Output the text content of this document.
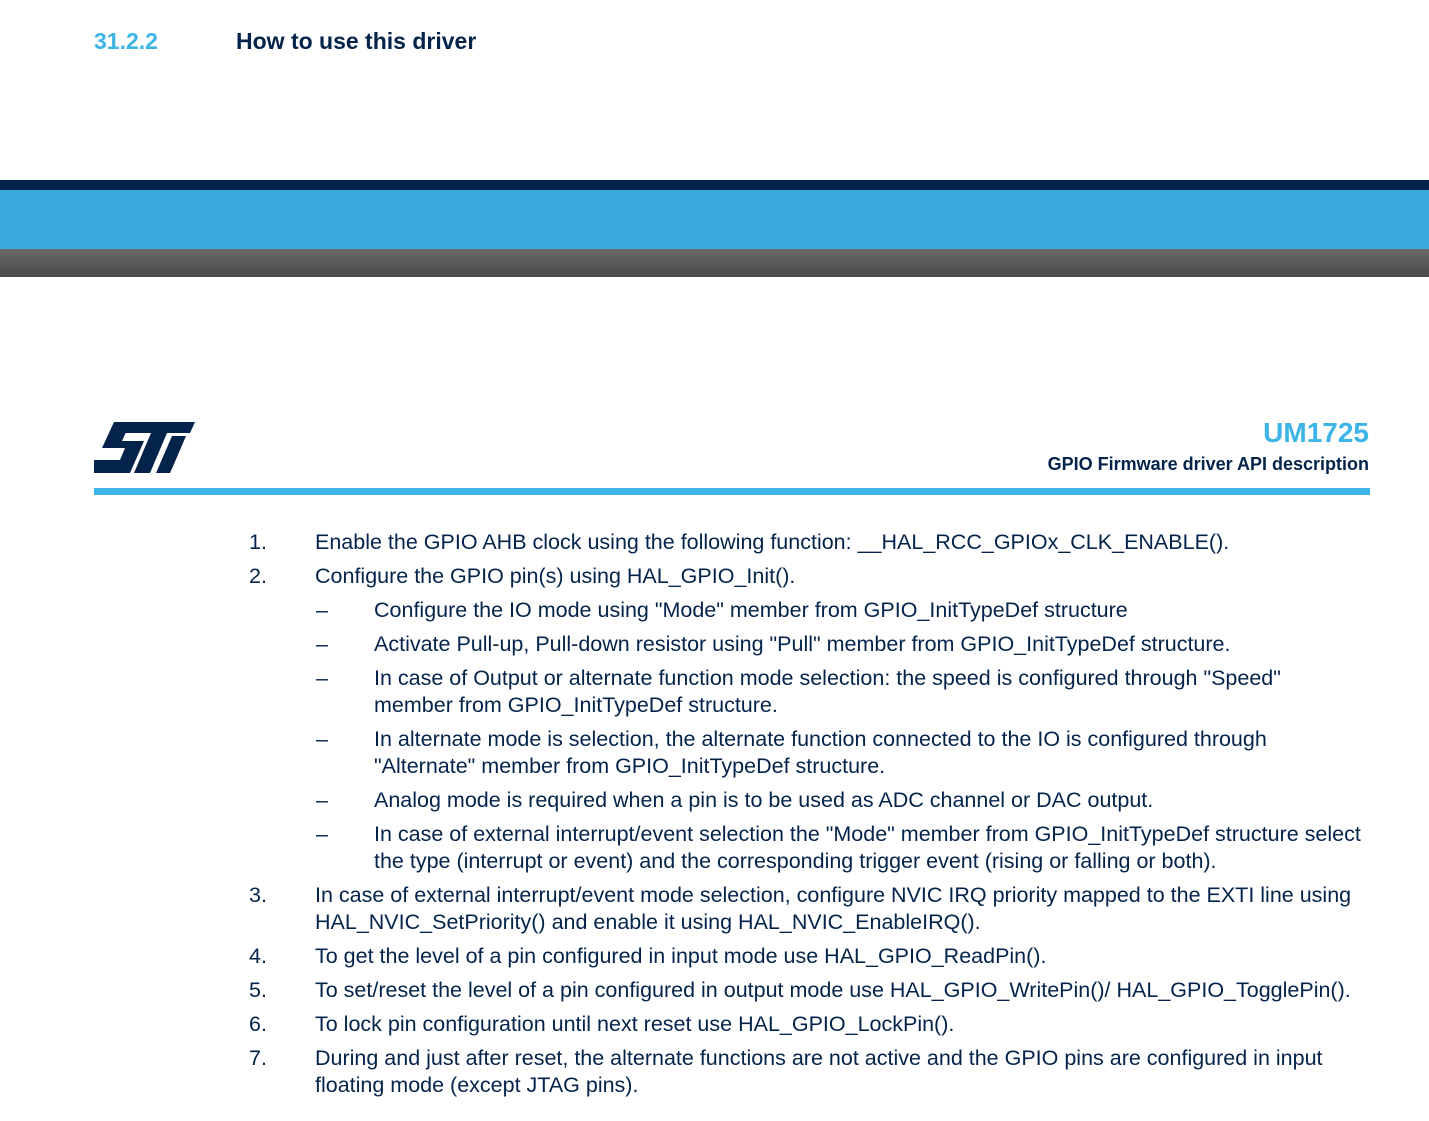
31.2.2	How to use this driver
UM1725 - Rev 8	page 446/2227
UM1725
GPIO Firmware driver API description
1. Enable the GPIO AHB clock using the following function: __HAL_RCC_GPIOx_CLK_ENABLE().
2. Configure the GPIO pin(s) using HAL_GPIO_Init().
– Configure the IO mode using "Mode" member from GPIO_InitTypeDef structure
– Activate Pull-up, Pull-down resistor using "Pull" member from GPIO_InitTypeDef structure.
– In case of Output or alternate function mode selection: the speed is configured through "Speed" member from GPIO_InitTypeDef structure.
– In alternate mode is selection, the alternate function connected to the IO is configured through "Alternate" member from GPIO_InitTypeDef structure.
– Analog mode is required when a pin is to be used as ADC channel or DAC output.
– In case of external interrupt/event selection the "Mode" member from GPIO_InitTypeDef structure select the type (interrupt or event) and the corresponding trigger event (rising or falling or both).
3. In case of external interrupt/event mode selection, configure NVIC IRQ priority mapped to the EXTI line using HAL_NVIC_SetPriority() and enable it using HAL_NVIC_EnableIRQ().
4. To get the level of a pin configured in input mode use HAL_GPIO_ReadPin().
5. To set/reset the level of a pin configured in output mode use HAL_GPIO_WritePin()/ HAL_GPIO_TogglePin().
6. To lock pin configuration until next reset use HAL_GPIO_LockPin().
7. During and just after reset, the alternate functions are not active and the GPIO pins are configured in input floating mode (except JTAG pins).
